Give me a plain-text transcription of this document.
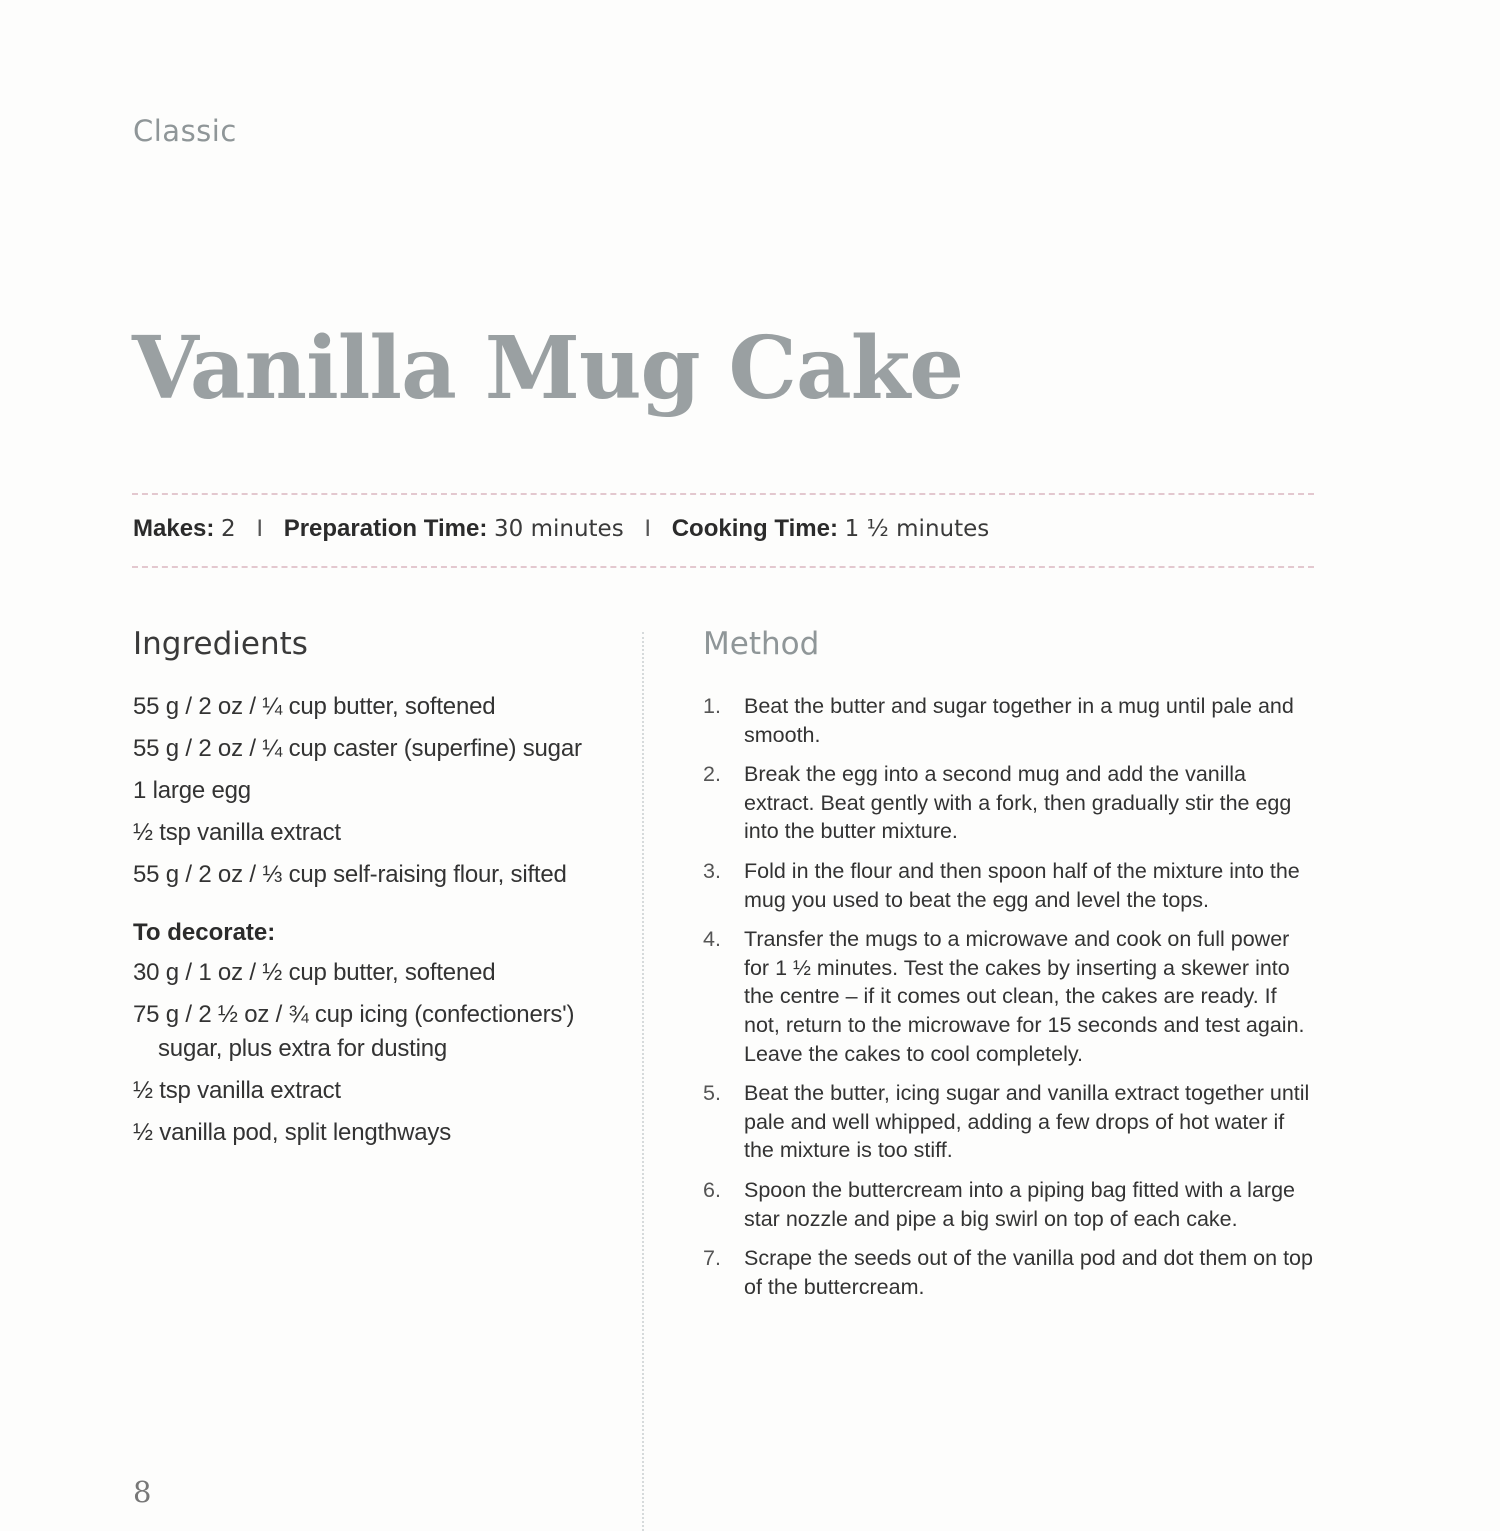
Classic
Vanilla Mug Cake
Makes: 2 I Preparation Time: 30 minutes I Cooking Time: 1 ½ minutes
Ingredients
55 g / 2 oz / ¼ cup butter, softened
55 g / 2 oz / ¼ cup caster (superfine) sugar
1 large egg
½ tsp vanilla extract
55 g / 2 oz / ⅓ cup self-raising flour, sifted
To decorate:
30 g / 1 oz / ½ cup butter, softened
75 g / 2 ½ oz / ¾ cup icing (confectioners') sugar, plus extra for dusting
½ tsp vanilla extract
½ vanilla pod, split lengthways
Method
1. Beat the butter and sugar together in a mug until pale and smooth.
2. Break the egg into a second mug and add the vanilla extract. Beat gently with a fork, then gradually stir the egg into the butter mixture.
3. Fold in the flour and then spoon half of the mixture into the mug you used to beat the egg and level the tops.
4. Transfer the mugs to a microwave and cook on full power for 1 ½ minutes. Test the cakes by inserting a skewer into the centre – if it comes out clean, the cakes are ready. If not, return to the microwave for 15 seconds and test again. Leave the cakes to cool completely.
5. Beat the butter, icing sugar and vanilla extract together until pale and well whipped, adding a few drops of hot water if the mixture is too stiff.
6. Spoon the buttercream into a piping bag fitted with a large star nozzle and pipe a big swirl on top of each cake.
7. Scrape the seeds out of the vanilla pod and dot them on top of the buttercream.
8
